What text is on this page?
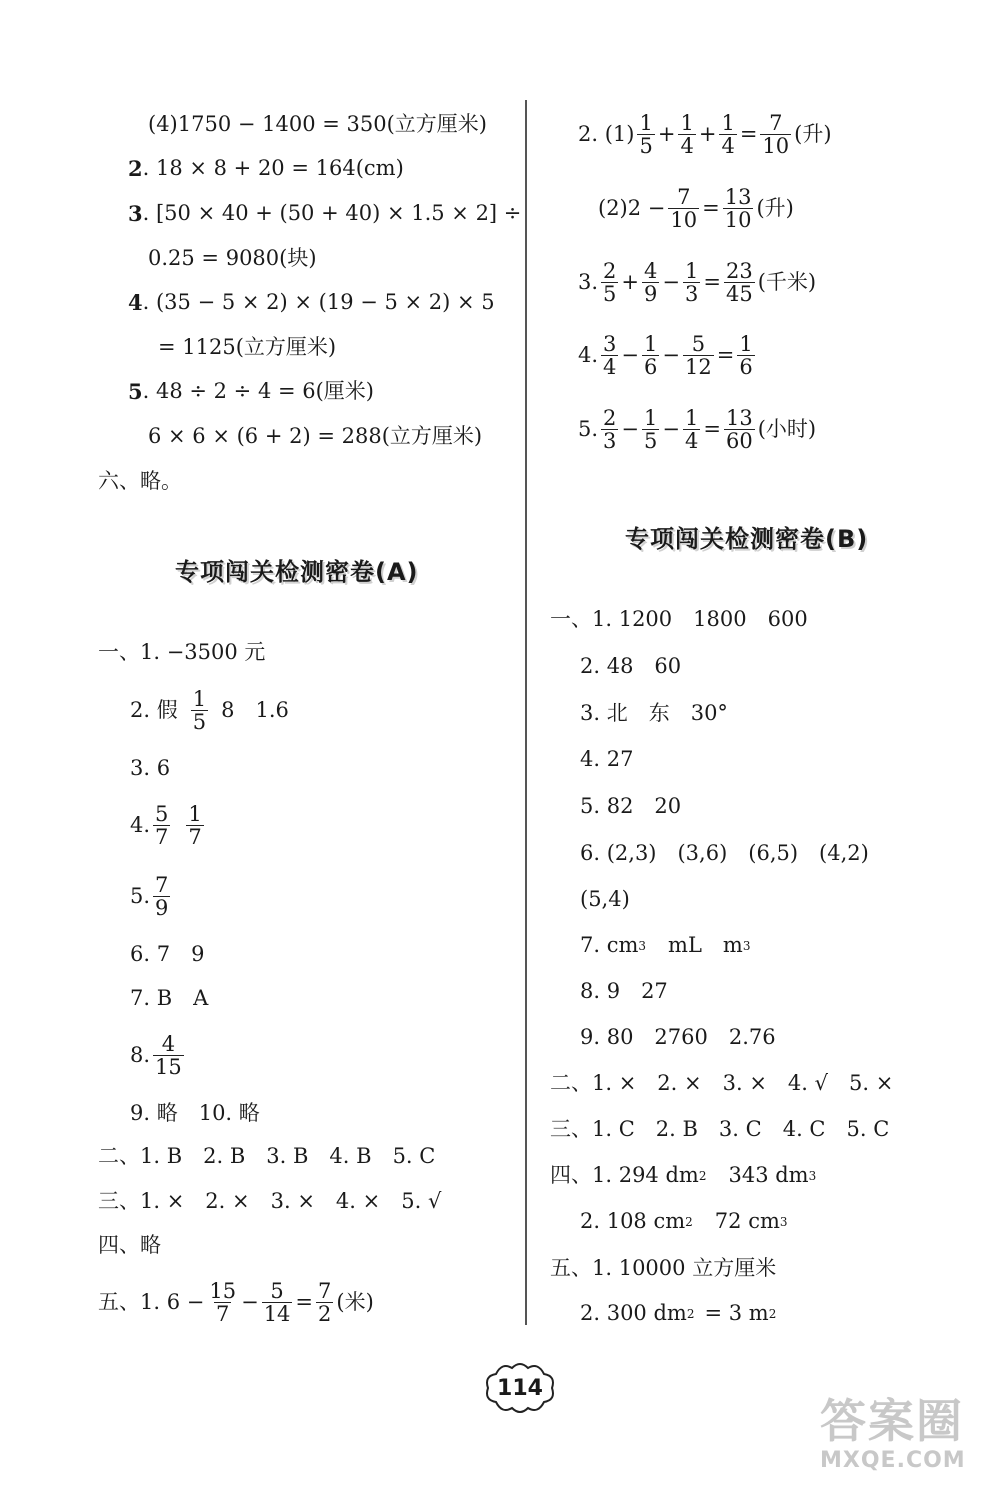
(4)1750 − 1400 = 350(立方厘米)
2 . 18 × 8 + 20 = 164(cm)
3 . [50 × 40 + (50 + 40) × 1.5 × 2] ÷
0.25 = 9080(块)
4 . (35 − 5 × 2) × (19 − 5 × 2) × 5
= 1125(立方厘米)
5 . 48 ÷ 2 ÷ 4 = 6(厘米)
6 × 6 × (6 + 2) = 288(立方厘米)
六、略。
专项闯关检测密卷(A)
一、1. −3500 元
2. 假 $\frac{1}{5} 8$　1.6
3. 6
4. $\frac{5}{7} \frac{1}{7}$
5. $\frac{7}{9}$
6. 7　9
7. B　A
8. $\frac{4}{15}$
9. 略　10. 略
二、1. B　2. B　3. B　4. B　5. C
三、1. ×　2. ×　3. ×　4. ×　5. √
四、略
五、1. $6 - \frac{15}{7} - \frac{5}{14} = \frac{7}{2}$ (米)
2. $(1) \frac{1}{5} + \frac{1}{4} + \frac{1}{4} = \frac{7}{10}$ (升)
$(2)2 - \frac{7}{10} = \frac{13}{10}$ (升)
3. $\frac{2}{5} + \frac{4}{9} - \frac{1}{3} = \frac{23}{45}$ (千米)
4. $\frac{3}{4} - \frac{1}{6} - \frac{5}{12} = \frac{1}{6}$
5. $\frac{2}{3} - \frac{1}{5} - \frac{1}{4} = \frac{13}{60}$ (小时)
专项闯关检测密卷(B)
一、1. 1200　1800　600
2. 48　60
3. 北　东　30°
4. 27
5. 82　20
6. (2,3)　(3,6)　(6,5)　(4,2)
(5,4)
7. cm 3 mL　m 3
8. 9　27
9. 80　2760　2.76
二、1. ×　2. ×　3. ×　4. √　5. ×
三、1. C　2. B　3. C　4. C　5. C
四、1. 294 dm 2 343 dm 3
2. 108 cm 2 72 cm 3
五、1. 10000 立方厘米
2. 300 dm 2 = 3 m 2
114
答案圈
MXQE.COM
